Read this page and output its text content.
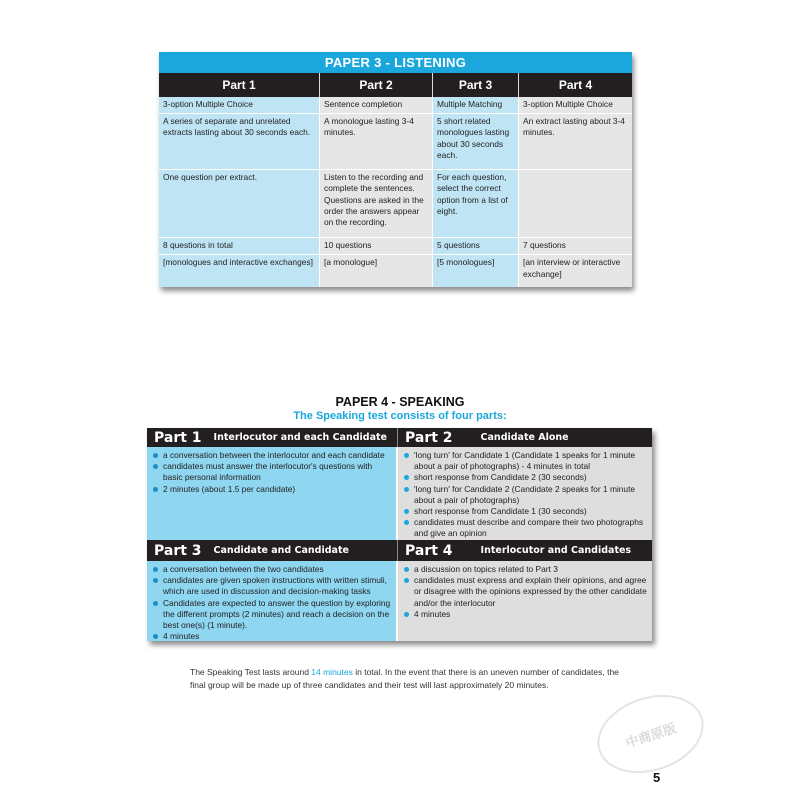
PAPER 3 - LISTENING
Part 1	Part 2	Part 3	Part 4
3-option Multiple Choice	Sentence completion	Multiple Matching	3-option Multiple Choice
A series of separate and unrelated extracts lasting about 30 seconds each.	A monologue lasting 3-4 minutes.	5 short related monologues lasting about 30 seconds each.	An extract lasting about 3-4 minutes.
One question per extract.	Listen to the recording and complete the sentences. Questions are asked in the order the answers appear on the recording.	For each question, select the correct option from a list of eight.	
8 questions in total	10 questions	5 questions	7 questions
[monologues and interactive exchanges]	[a monologue]	[5 monologues]	[an interview or interactive exchange]
PAPER 4 - SPEAKING
The Speaking test consists of four parts:
Part 1 Interlocutor and each Candidate	Part 2	Candidate Alone
a conversation between the interlocutor and each candidate
candidates must answer the interlocutor's questions with basic personal information
2 minutes (about 1.5 per candidate)
'long turn' for Candidate 1 (Candidate 1 speaks for 1 minute about a pair of photographs) - 4 minutes in total
short response from Candidate 2 (30 seconds)
'long turn' for Candidate 2 (Candidate 2 speaks for 1 minute about a pair of photographs)
short response from Candidate 1 (30 seconds)
candidates must describe and compare their two photographs and give an opinion
Part 3 Candidate and Candidate	Part 4	Interlocutor and Candidates
a conversation between the two candidates
candidates are given spoken instructions with written stimuli, which are used in discussion and decision-making tasks
Candidates are expected to answer the question by exploring the different prompts (2 minutes) and reach a decision on the best one(s) (1 minute).
4 minutes
a discussion on topics related to Part 3
candidates must express and explain their opinions, and agree or disagree with the opinions expressed by the other candidate and/or the interlocutor
4 minutes
The Speaking Test lasts around 14 minutes in total. In the event that there is an uneven number of candidates, the final group will be made up of three candidates and their test will last approximately 20 minutes.
中商原版
5
